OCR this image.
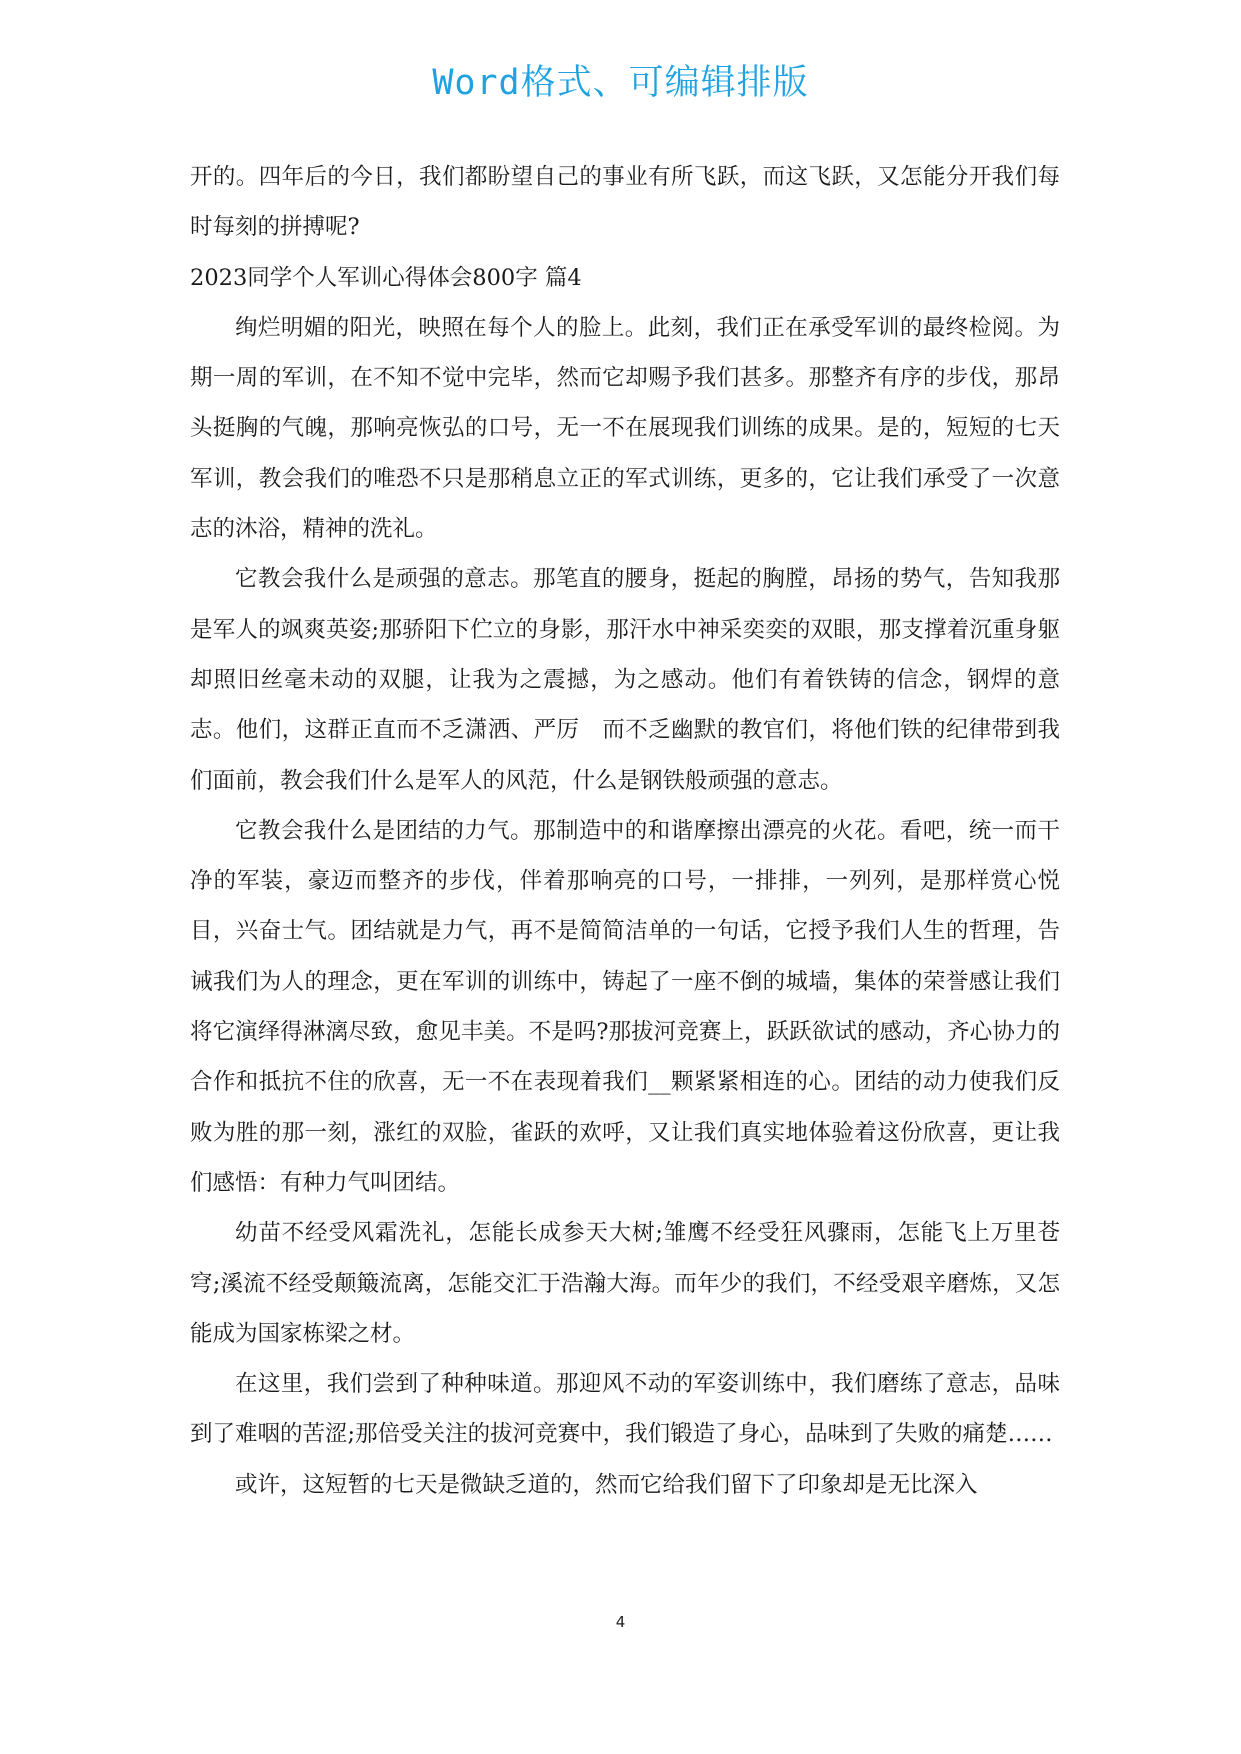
Word格式、可编辑排版

开的。四年后的今日，我们都盼望自己的事业有所飞跃，而这飞跃，又怎能分开我们每时每刻的拼搏呢?

2023同学个人军训心得体会800字 篇4

绚烂明媚的阳光，映照在每个人的脸上。此刻，我们正在承受军训的最终检阅。为期一周的军训，在不知不觉中完毕，然而它却赐予我们甚多。那整齐有序的步伐，那昂头挺胸的气魄，那响亮恢弘的口号，无一不在展现我们训练的成果。是的，短短的七天军训，教会我们的唯恐不只是那稍息立正的军式训练，更多的，它让我们承受了一次意志的沐浴，精神的洗礼。

它教会我什么是顽强的意志。那笔直的腰身，挺起的胸膛，昂扬的势气，告知我那是军人的飒爽英姿;那骄阳下伫立的身影，那汗水中神采奕奕的双眼，那支撑着沉重身躯却照旧丝毫未动的双腿，让我为之震撼，为之感动。他们有着铁铸的信念，钢焊的意志。他们，这群正直而不乏潇洒、严厉　而不乏幽默的教官们，将他们铁的纪律带到我们面前，教会我们什么是军人的风范，什么是钢铁般顽强的意志。

它教会我什么是团结的力气。那制造中的和谐摩擦出漂亮的火花。看吧，统一而干净的军装，豪迈而整齐的步伐，伴着那响亮的口号，一排排，一列列，是那样赏心悦目，兴奋士气。团结就是力气，再不是简简洁单的一句话，它授予我们人生的哲理，告诫我们为人的理念，更在军训的训练中，铸起了一座不倒的城墙，集体的荣誉感让我们将它演绎得淋漓尽致，愈见丰美。不是吗?那拔河竞赛上，跃跃欲试的感动，齐心协力的合作和抵抗不住的欣喜，无一不在表现着我们__颗紧紧相连的心。团结的动力使我们反败为胜的那一刻，涨红的双脸，雀跃的欢呼，又让我们真实地体验着这份欣喜，更让我们感悟：有种力气叫团结。

幼苗不经受风霜洗礼，怎能长成参天大树;雏鹰不经受狂风骤雨，怎能飞上万里苍穹;溪流不经受颠簸流离，怎能交汇于浩瀚大海。而年少的我们，不经受艰辛磨炼，又怎能成为国家栋梁之材。

在这里，我们尝到了种种味道。那迎风不动的军姿训练中，我们磨练了意志，品味到了难咽的苦涩;那倍受关注的拔河竞赛中，我们锻造了身心，品味到了失败的痛楚……

或许，这短暂的七天是微缺乏道的，然而它给我们留下了印象却是无比深入

4
